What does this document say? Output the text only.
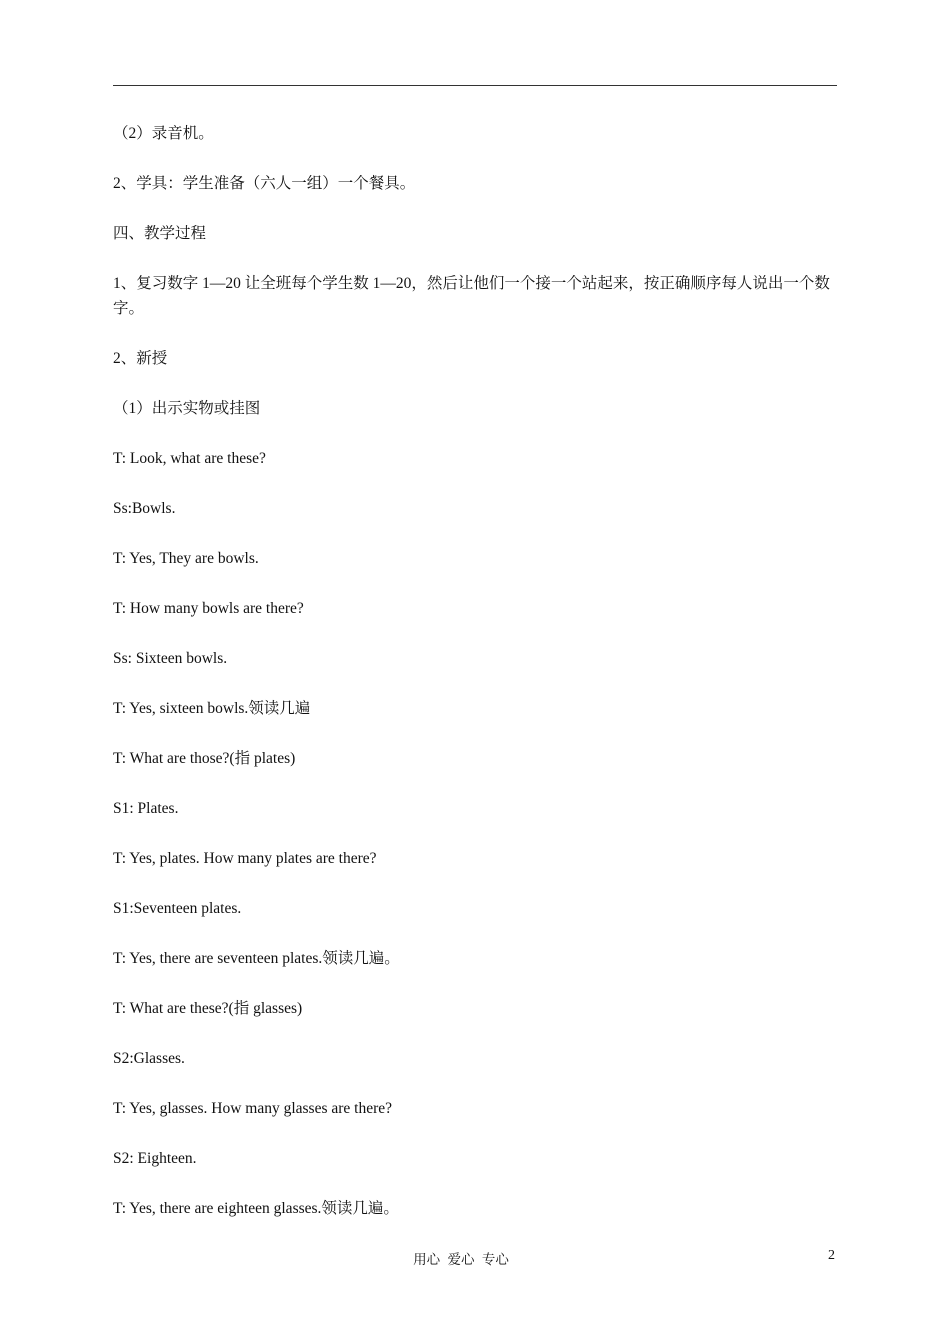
（2）录音机。

2、学具：学生准备（六人一组）一个餐具。

四、教学过程

1、复习数字 1—20 让全班每个学生数 1—20，然后让他们一个接一个站起来，按正确顺序每人说出一个数字。

2、新授

（1）出示实物或挂图

T: Look, what are these?

Ss:Bowls.

T: Yes, They are bowls.

T: How many bowls are there?

Ss: Sixteen bowls.

T: Yes, sixteen bowls.领读几遍

T: What are those?(指 plates)

S1: Plates.

T: Yes, plates. How many plates are there?

S1:Seventeen plates.

T: Yes, there are seventeen plates.领读几遍。

T: What are these?(指 glasses)

S2:Glasses.

T: Yes, glasses. How many glasses are there?

S2: Eighteen.

T: Yes, there are eighteen glasses.领读几遍。

用心 爱心 专心	2
